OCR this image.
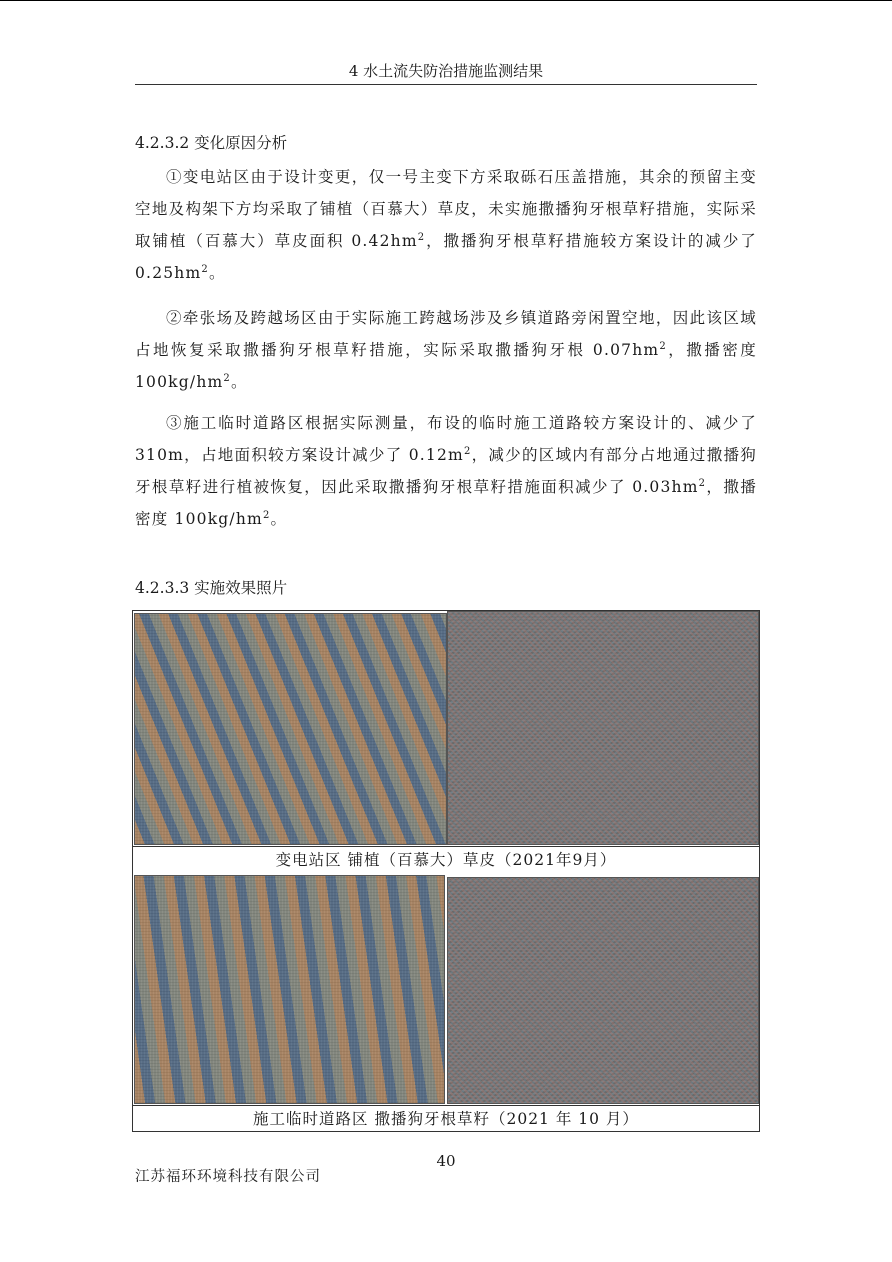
4 水土流失防治措施监测结果
4.2.3.2 变化原因分析

①变电站区由于设计变更，仅一号主变下方采取砾石压盖措施，其余的预留主变空地及构架下方均采取了铺植（百慕大）草皮，未实施撒播狗牙根草籽措施，实际采取铺植（百慕大）草皮面积 $0.42hm^2$，撒播狗牙根草籽措施较方案设计的减少了 $0.25hm^2$。

②牵张场及跨越场区由于实际施工跨越场涉及乡镇道路旁闲置空地，因此该区域占地恢复采取撒播狗牙根草籽措施，实际采取撒播狗牙根 $0.07hm^2$，撒播密度 $100kg/hm^2$。

③施工临时道路区根据实际测量，布设的临时施工道路较方案设计的、减少了 310m，占地面积较方案设计减少了 $0.12m^2$，减少的区域内有部分占地通过撒播狗牙根草籽进行植被恢复，因此采取撒播狗牙根草籽措施面积减少了 $0.03hm^2$，撒播密度 $100kg/hm^2$。

4.2.3.3 实施效果照片
变电站区 铺植（百慕大）草皮（2021年9月）
施工临时道路区 撒播狗牙根草籽（2021 年 10 月）
40
江苏福环环境科技有限公司
